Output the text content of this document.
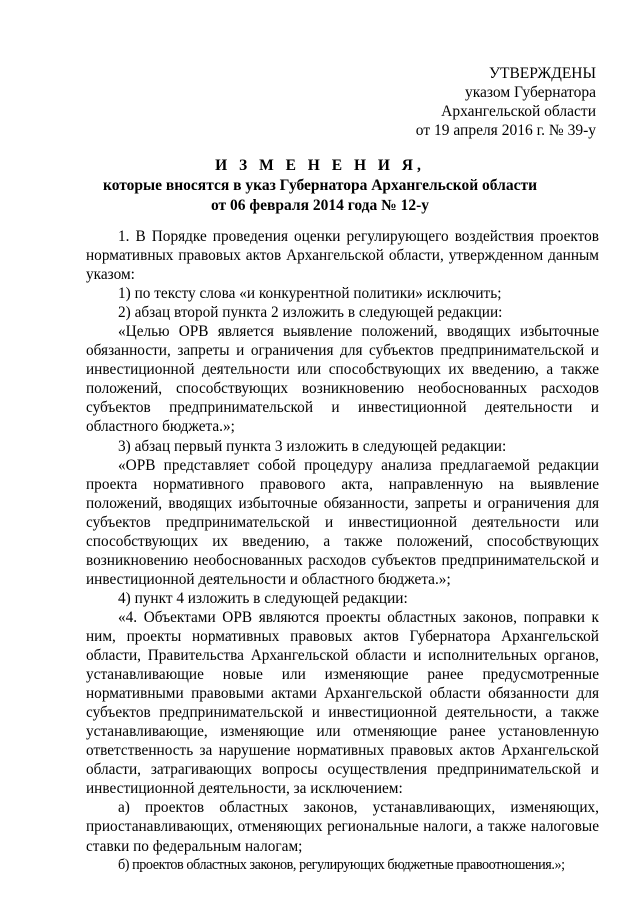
УТВЕРЖДЕНЫ
указом Губернатора
Архангельской области
от 19 апреля 2016 г. № 39-у
И З М Е Н Е Н И Я,
которые вносятся в указ Губернатора Архангельской области
от 06 февраля 2014 года № 12-у

1. В Порядке проведения оценки регулирующего воздействия проектов нормативных правовых актов Архангельской области, утвержденном данным указом:

1) по тексту слова «и конкурентной политики» исключить;

2) абзац второй пункта 2 изложить в следующей редакции:

«Целью ОРВ является выявление положений, вводящих избыточные обязанности, запреты и ограничения для субъектов предпринимательской и инвестиционной деятельности или способствующих их введению, а также положений, способствующих возникновению необоснованных расходов субъектов предпринимательской и инвестиционной деятельности и областного бюджета.»;

3) абзац первый пункта 3 изложить в следующей редакции:

«ОРВ представляет собой процедуру анализа предлагаемой редакции проекта нормативного правового акта, направленную на выявление положений, вводящих избыточные обязанности, запреты и ограничения для субъектов предпринимательской и инвестиционной деятельности или способствующих их введению, а также положений, способствующих возникновению необоснованных расходов субъектов предпринимательской и инвестиционной деятельности и областного бюджета.»;

4) пункт 4 изложить в следующей редакции:

«4. Объектами ОРВ являются проекты областных законов, поправки к ним, проекты нормативных правовых актов Губернатора Архангельской области, Правительства Архангельской области и исполнительных органов, устанавливающие новые или изменяющие ранее предусмотренные нормативными правовыми актами Архангельской области обязанности для субъектов предпринимательской и инвестиционной деятельности, а также устанавливающие, изменяющие или отменяющие ранее установленную ответственность за нарушение нормативных правовых актов Архангельской области, затрагивающих вопросы осуществления предпринимательской и инвестиционной деятельности, за исключением:

а) проектов областных законов, устанавливающих, изменяющих, приостанавливающих, отменяющих региональные налоги, а также налоговые ставки по федеральным налогам;

б) проектов областных законов, регулирующих бюджетные правоотношения.»;
